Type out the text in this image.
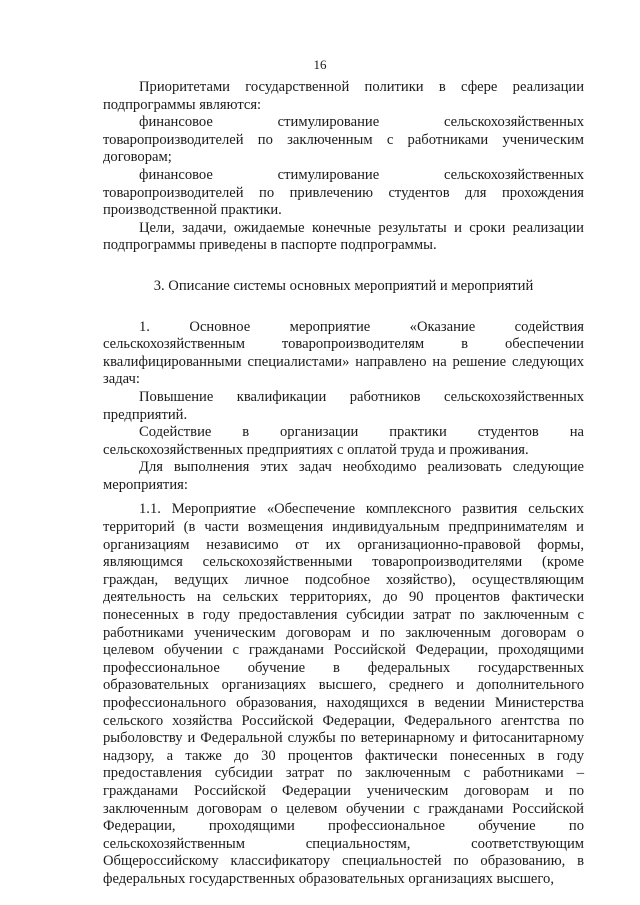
16

Приоритетами государственной политики в сфере реализации подпрограммы являются:

финансовое стимулирование сельскохозяйственных товаропроизводителей по заключенным с работниками ученическим договорам;

финансовое стимулирование сельскохозяйственных товаропроизводителей по привлечению студентов для прохождения производственной практики.

Цели, задачи, ожидаемые конечные результаты и сроки реализации подпрограммы приведены в паспорте подпрограммы.

3. Описание системы основных мероприятий и мероприятий

1. Основное мероприятие «Оказание содействия сельскохозяйственным товаропроизводителям в обеспечении квалифицированными специалистами» направлено на решение следующих задач:

Повышение квалификации работников сельскохозяйственных предприятий.

Содействие в организации практики студентов на сельскохозяйственных предприятиях с оплатой труда и проживания.

Для выполнения этих задач необходимо реализовать следующие мероприятия:

1.1. Мероприятие «Обеспечение комплексного развития сельских территорий (в части возмещения индивидуальным предпринимателям и организациям независимо от их организационно-правовой формы, являющимся сельскохозяйственными товаропроизводителями (кроме граждан, ведущих личное подсобное хозяйство), осуществляющим деятельность на сельских территориях, до 90 процентов фактически понесенных в году предоставления субсидии затрат по заключенным с работниками ученическим договорам и по заключенным договорам о целевом обучении с гражданами Российской Федерации, проходящими профессиональное обучение в федеральных государственных образовательных организациях высшего, среднего и дополнительного профессионального образования, находящихся в ведении Министерства сельского хозяйства Российской Федерации, Федерального агентства по рыболовству и Федеральной службы по ветеринарному и фитосанитарному надзору, а также до 30 процентов фактически понесенных в году предоставления субсидии затрат по заключенным с работниками – гражданами Российской Федерации ученическим договорам и по заключенным договорам о целевом обучении с гражданами Российской Федерации, проходящими профессиональное обучение по сельскохозяйственным специальностям, соответствующим Общероссийскому классификатору специальностей по образованию, в федеральных государственных образовательных организациях высшего,
